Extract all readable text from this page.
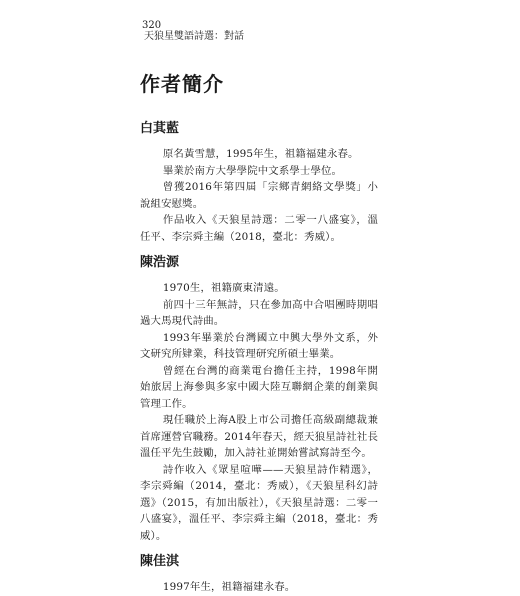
320
天狼星雙語詩選：對話
作者簡介
白萁藍

原名黃雪慧，1995年生，祖籍福建永春。

畢業於南方大學學院中文系學士學位。

曾獲2016年第四屆「宗鄉青網絡文學獎」小說組安慰獎。

作品收入《天狼星詩選：二零一八盛宴》，溫任平、李宗舜主編（2018，臺北：秀威）。

陳浩源

1970生，祖籍廣東清遠。

前四十三年無詩，只在參加高中合唱團時期唱過大馬現代詩曲。

1993年畢業於台灣國立中興大學外文系，外文研究所肄業，科技管理研究所碩士畢業。

曾經在台灣的商業電台擔任主持，1998年開始旅居上海參與多家中國大陸互聯網企業的創業與管理工作。

現任職於上海A股上市公司擔任高級副總裁兼首席運營官職務。2014年春天，經天狼星詩社社長溫任平先生鼓勵，加入詩社並開始嘗試寫詩至今。

詩作收入《眾星喧嘩——天狼星詩作精選》，李宗舜編（2014，臺北：秀威），《天狼星科幻詩選》（2015，有加出版社），《天狼星詩選：二零一八盛宴》，溫任平、李宗舜主編（2018，臺北：秀威）。

陳佳淇

1997年生，祖籍福建永春。
